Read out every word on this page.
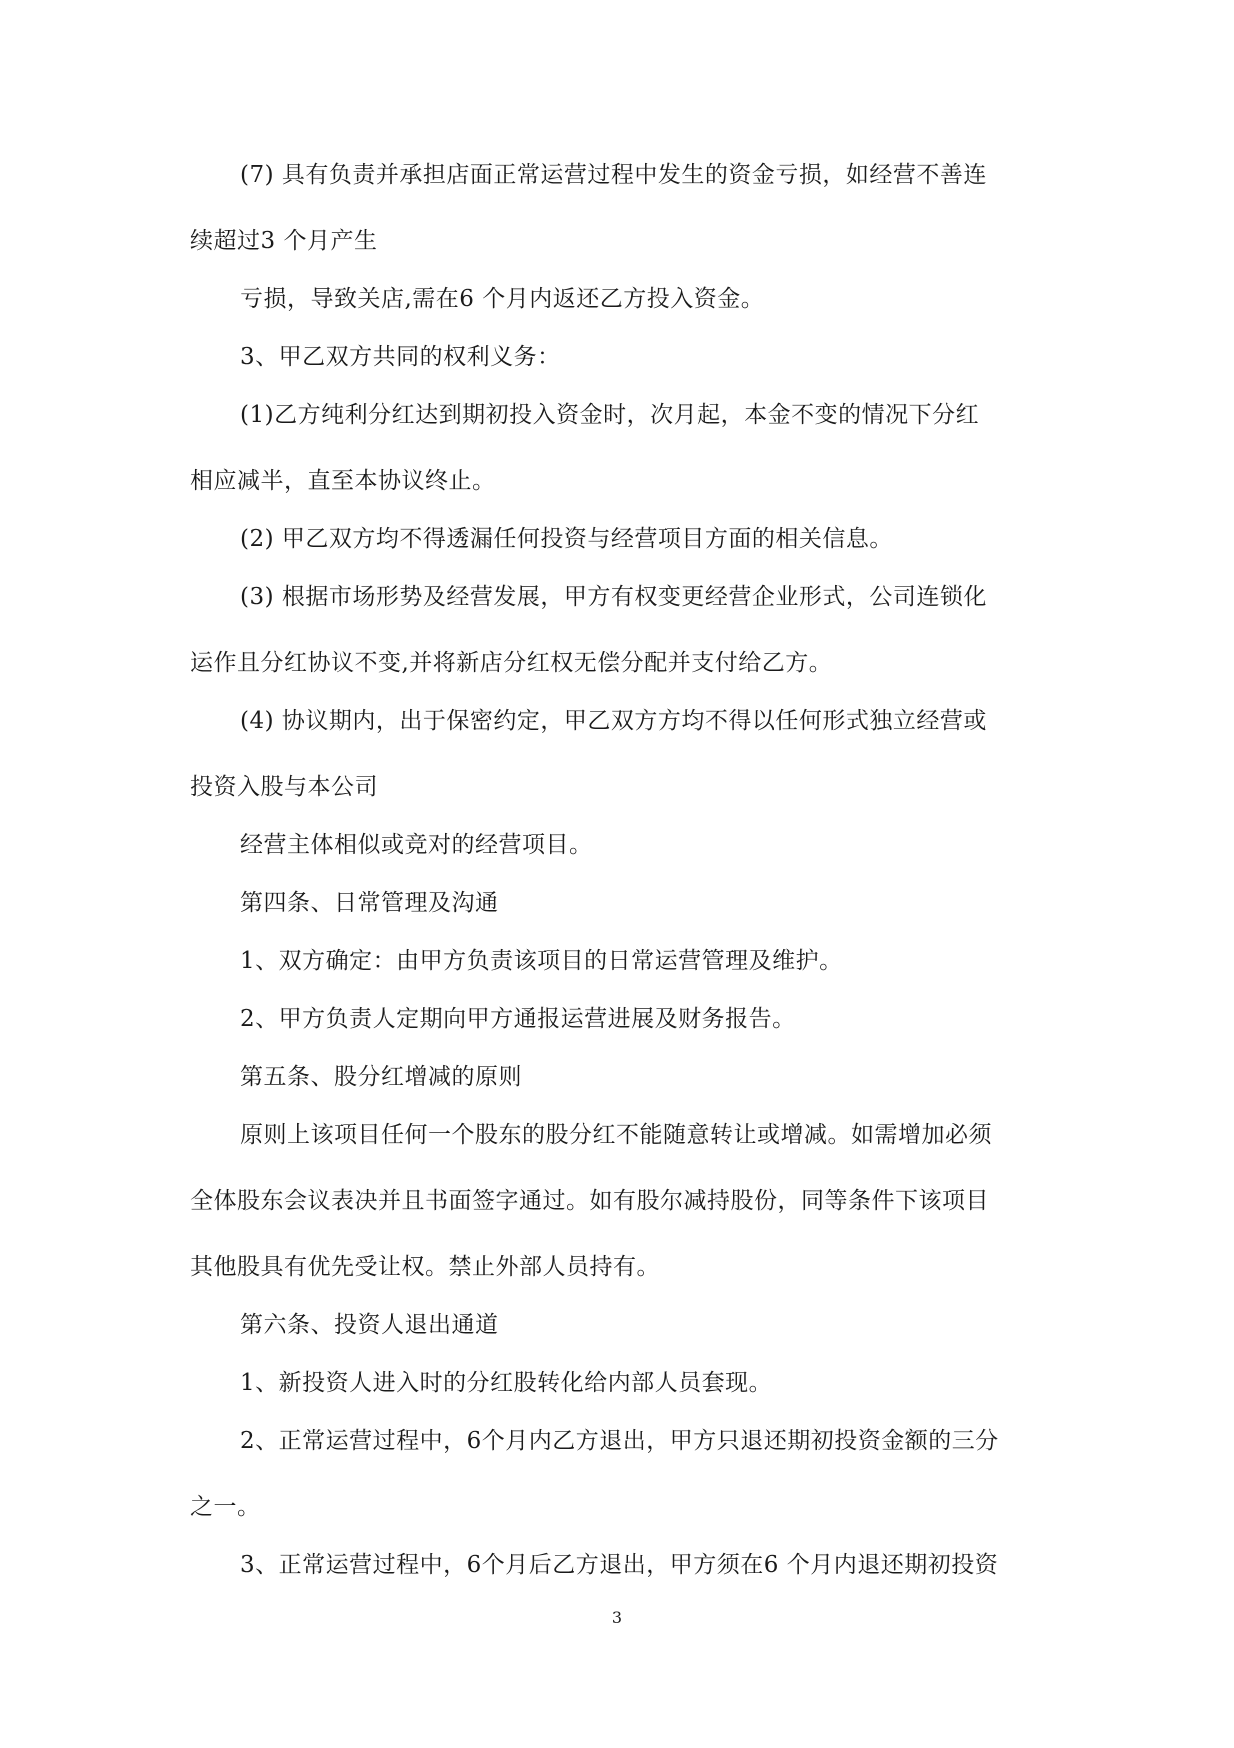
(7) 具有负责并承担店面正常运营过程中发生的资金亏损，如经营不善连
续超过3 个月产生
亏损，导致关店,需在6 个月内返还乙方投入资金。
3、甲乙双方共同的权利义务：
(1)乙方纯利分红达到期初投入资金时，次月起，本金不变的情况下分红
相应减半，直至本协议终止。
(2) 甲乙双方均不得透漏任何投资与经营项目方面的相关信息。
(3) 根据市场形势及经营发展，甲方有权变更经营企业形式，公司连锁化
运作且分红协议不变,并将新店分红权无偿分配并支付给乙方。
(4) 协议期内，出于保密约定，甲乙双方方均不得以任何形式独立经营或
投资入股与本公司
经营主体相似或竞对的经营项目。
第四条、日常管理及沟通
1、双方确定：由甲方负责该项目的日常运营管理及维护。
2、甲方负责人定期向甲方通报运营进展及财务报告。
第五条、股分红增减的原则
原则上该项目任何一个股东的股分红不能随意转让或增减。如需增加必须
全体股东会议表决并且书面签字通过。如有股尔减持股份，同等条件下该项目
其他股具有优先受让权。禁止外部人员持有。
第六条、投资人退出通道
1、新投资人进入时的分红股转化给内部人员套现。
2、正常运营过程中，6个月内乙方退出，甲方只退还期初投资金额的三分
之一。
3、正常运营过程中，6个月后乙方退出，甲方须在6 个月内退还期初投资
3
